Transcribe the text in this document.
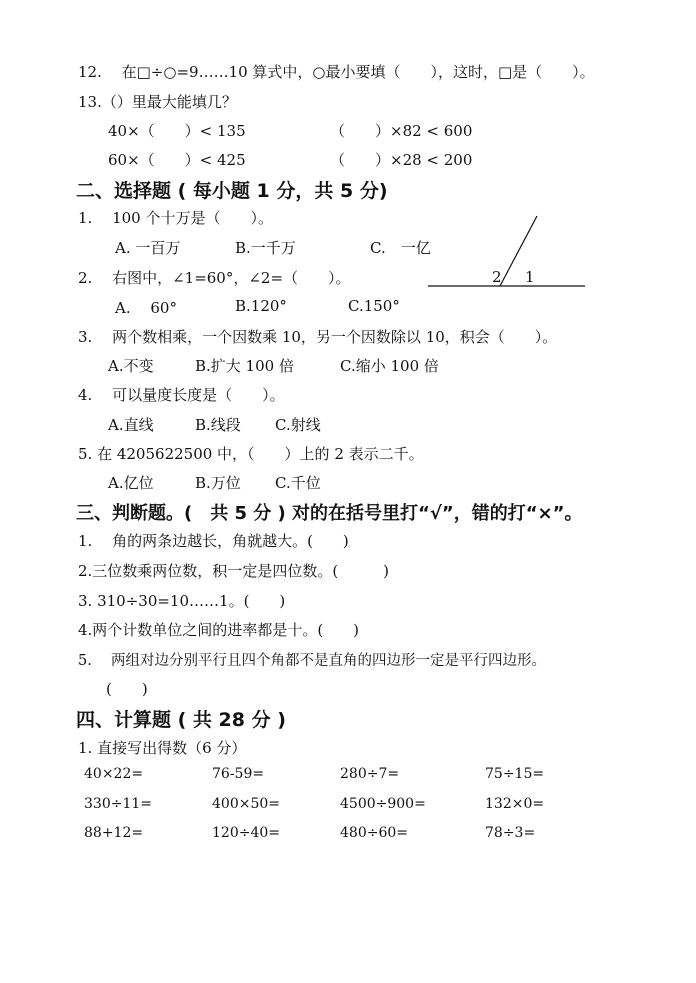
12.　 在□÷○=9……10 算式中，○最小要填（　　），这时，□是（　　）。
13.（）里最大能填几？
40×（　　）< 135	（　　）×82 < 600
60×（　　）< 425	（　　）×28 < 200
二、选择题 ( 每小题 1 分，共 5 分)
1.　 100 个十万是（　　）。
A. 一百万	B.一千万	C.　一亿
2.　 右图中，∠1=60°，∠2=（　　）。
A.　 60°	B.120°	C.150°
2 1
3.　 两个数相乘，一个因数乘 10，另一个因数除以 10，积会（　　）。
A.不变	B.扩大 100 倍	C.缩小 100 倍
4.　 可以量度长度是（　　）。
A.直线	B.线段 C.射线
5. 在 4205622500 中，（　　）上的 2 表示二千。
A.亿位	B.万位 C.千位
三、判断题。(　共 5 分 ) 对的在括号里打“√”，错的打“×”。
1.　 角的两条边越长，角就越大。(　　)
2.三位数乘两位数，积一定是四位数。(　　　)
3. 310÷30=10……1。(　　)
4.两个计数单位之间的进率都是十。(　　)
5.　 两组对边分别平行且四个角都不是直角的四边形一定是平行四边形。
(　　)
四、计算题 ( 共 28 分 )
1. 直接写出得数（6 分）
40×22=	76-59=	280÷7=	75÷15=
330÷11=	400×50=	4500÷900=	132×0=
88+12=	120÷40=	480÷60=	78÷3=
